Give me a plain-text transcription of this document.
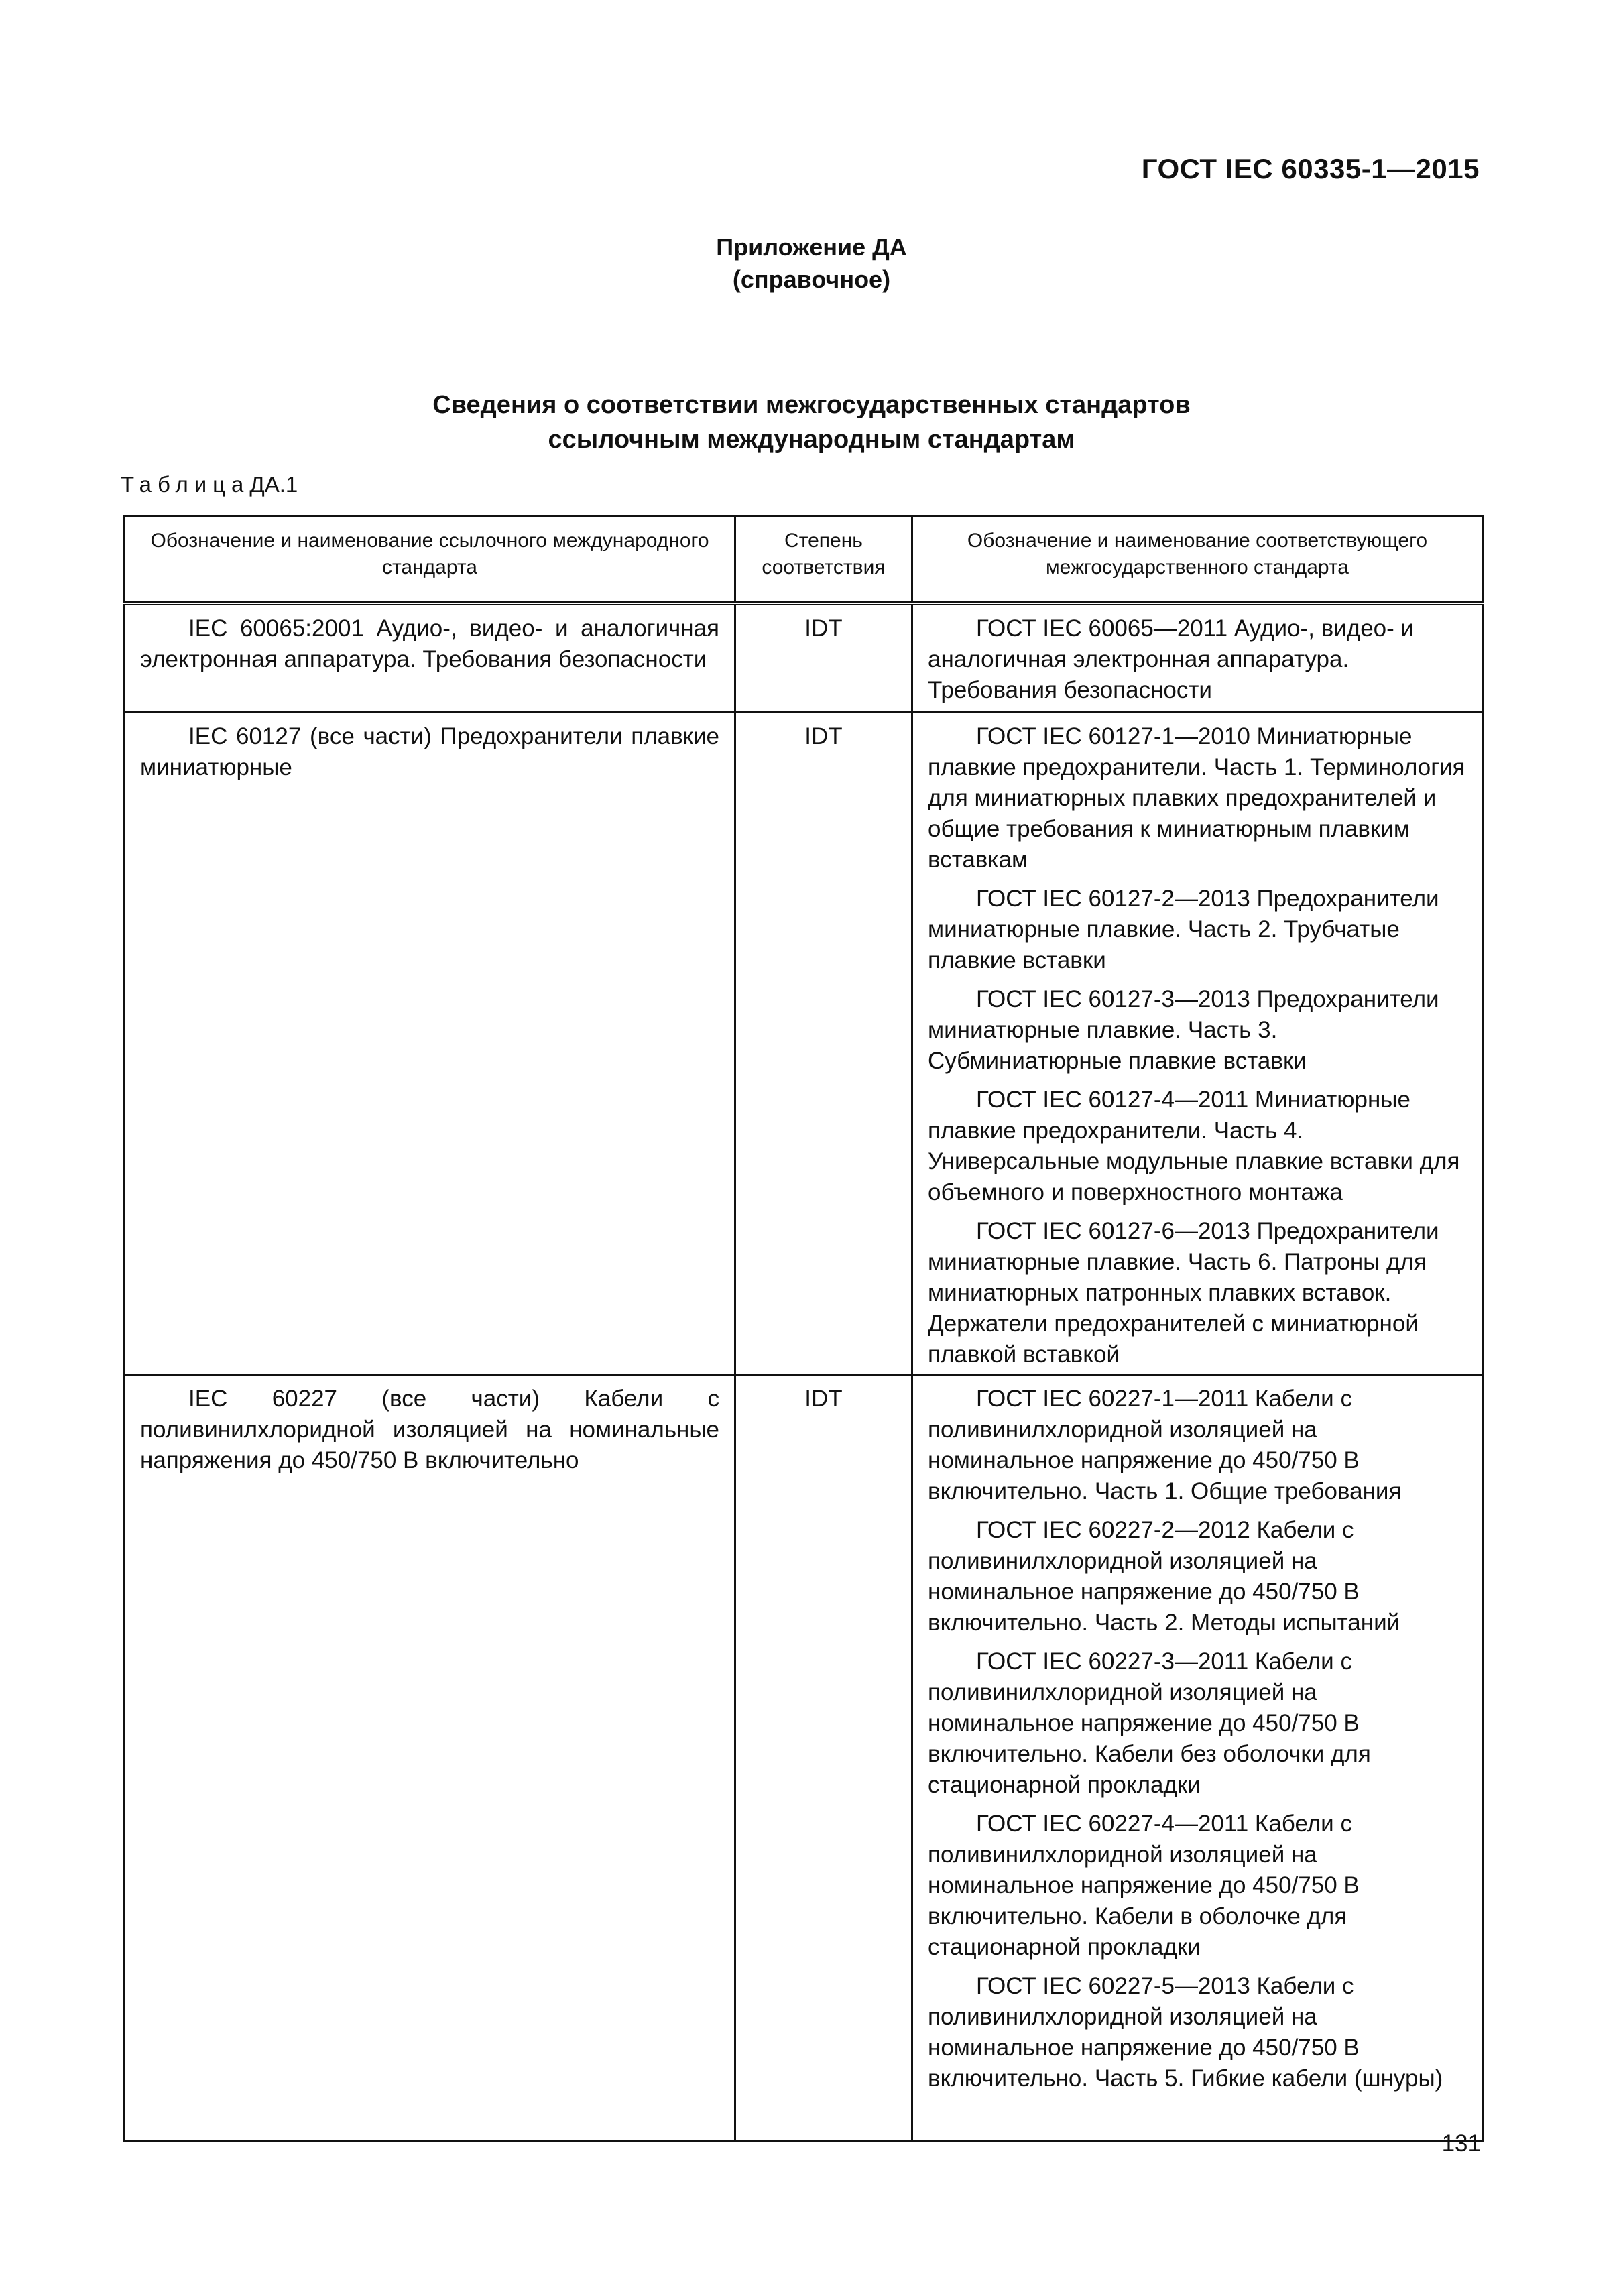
ГОСТ IEC 60335-1—2015
Приложение ДА
(справочное)
Сведения о соответствии межгосударственных стандартов
ссылочным международным стандартам
ТаблицаДА.1
Обозначение и наименование ссылочного международного стандарта	Степень соответствия	Обозначение и наименование соответствующего межгосударственного стандарта

IEC 60065:2001 Аудио-, видео- и аналогичная электронная аппаратура. Требования безопасности	IDT	ГОСТ IEC 60065—2011 Аудио-, видео- и аналогичная электронная аппаратура. Требования безопасности

IEC 60127 (все части) Предохранители плавкие миниатюрные	IDT	ГОСТ IEC 60127-1—2010 Миниатюрные плавкие предохранители. Часть 1. Терминология для миниатюрных плавких предохранителей и общие требования к миниатюрным плавким вставкам
ГОСТ IEC 60127-2—2013 Предохранители миниатюрные плавкие. Часть 2. Трубчатые плавкие вставки
ГОСТ IEC 60127-3—2013 Предохранители миниатюрные плавкие. Часть 3. Субминиатюрные плавкие вставки
ГОСТ IEC 60127-4—2011 Миниатюрные плавкие предохранители. Часть 4. Универсальные модульные плавкие вставки для объемного и поверхностного монтажа
ГОСТ IEC 60127-6—2013 Предохранители миниатюрные плавкие. Часть 6. Патроны для миниатюрных патронных плавких вставок. Держатели предохранителей с миниатюрной плавкой вставкой

IEC 60227 (все части) Кабели с поливинилхлоридной изоляцией на номинальные напряжения до 450/750 В включительно	IDT	ГОСТ IEC 60227-1—2011 Кабели с поливинилхлоридной изоляцией на номинальное напряжение до 450/750 В включительно. Часть 1. Общие требования
ГОСТ IEC 60227-2—2012 Кабели с поливинилхлоридной изоляцией на номинальное напряжение до 450/750 В включительно. Часть 2. Методы испытаний
ГОСТ IEC 60227-3—2011 Кабели с поливинилхлоридной изоляцией на номинальное напряжение до 450/750 В включительно. Кабели без оболочки для стационарной прокладки
ГОСТ IEC 60227-4—2011 Кабели с поливинилхлоридной изоляцией на номинальное напряжение до 450/750 В включительно. Кабели в оболочке для стационарной прокладки
ГОСТ IEC 60227-5—2013 Кабели с поливинилхлоридной изоляцией на номинальное напряжение до 450/750 В включительно. Часть 5. Гибкие кабели (шнуры)
131
